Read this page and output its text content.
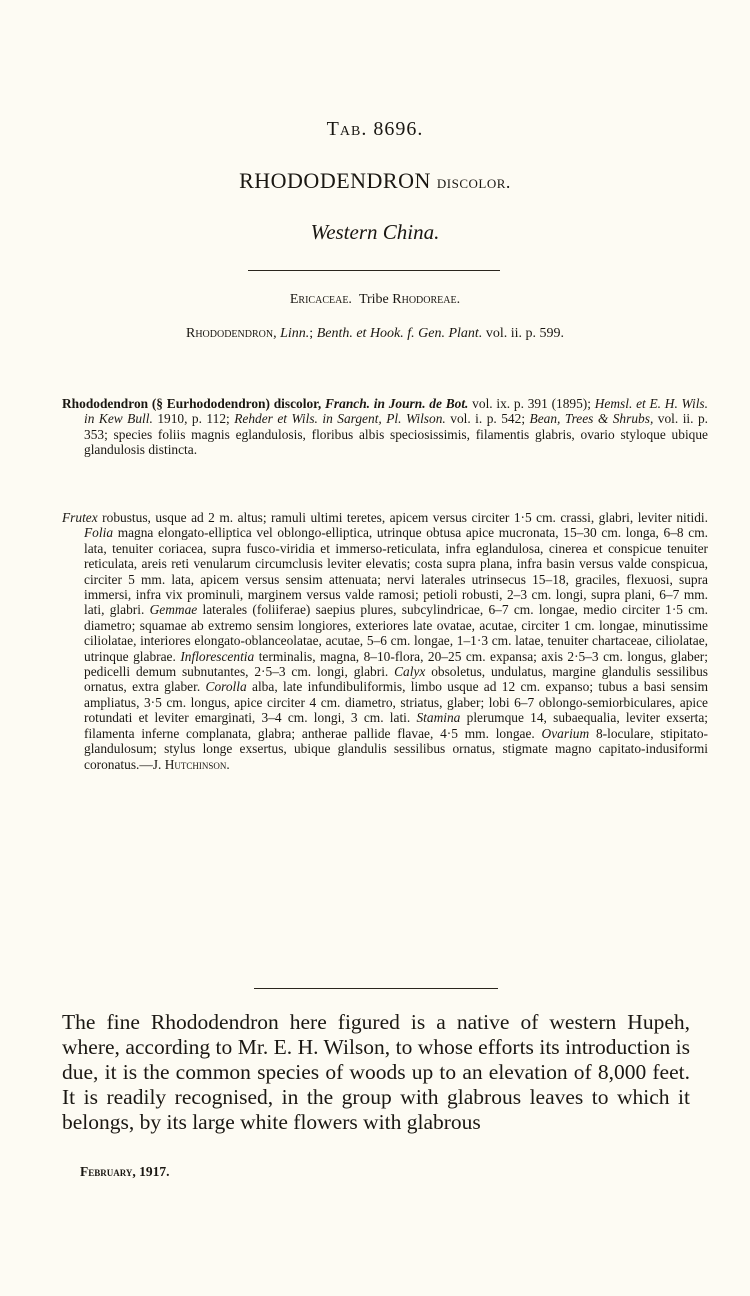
Tab. 8696.
RHODODENDRON discolor.
Western China.
Ericaceae. Tribe Rhodoreae.
Rhododendron, Linn.; Benth. et Hook. f. Gen. Plant. vol. ii. p. 599.
Rhododendron (§ Eurhododendron) discolor, Franch. in Journ. de Bot. vol. ix. p. 391 (1895); Hemsl. et E. H. Wils. in Kew Bull. 1910, p. 112; Rehder et Wils. in Sargent, Pl. Wilson. vol. i. p. 542; Bean, Trees & Shrubs, vol. ii. p. 353; species foliis magnis eglandulosis, floribus albis speciosissimis, filamentis glabris, ovario styloque ubique glandulosis distincta.

Frutex robustus, usque ad 2 m. altus; ramuli ultimi teretes, apicem versus circiter 1·5 cm. crassi, glabri, leviter nitidi. Folia magna elongato-elliptica vel oblongo-elliptica, utrinque obtusa apice mucronata, 15–30 cm. longa, 6–8 cm. lata, tenuiter coriacea, supra fusco-viridia et immerso-reticulata, infra eglandulosa, cinerea et conspicue tenuiter reticulata, areis reti venularum circumclusis leviter elevatis; costa supra plana, infra basin versus valde conspicua, circiter 5 mm. lata, apicem versus sensim attenuata; nervi laterales utrinsecus 15–18, graciles, flexuosi, supra immersi, infra vix prominuli, marginem versus valde ramosi; petioli robusti, 2–3 cm. longi, supra plani, 6–7 mm. lati, glabri. Gemmae laterales (foliiferae) saepius plures, subcylindricae, 6–7 cm. longae, medio circiter 1·5 cm. diametro; squamae ab extremo sensim longiores, exteriores late ovatae, acutae, circiter 1 cm. longae, minutissime ciliolatae, interiores elongato-oblanceolatae, acutae, 5–6 cm. longae, 1–1·3 cm. latae, tenuiter chartaceae, ciliolatae, utrinque glabrae. Inflorescentia terminalis, magna, 8–10-flora, 20–25 cm. expansa; axis 2·5–3 cm. longus, glaber; pedicelli demum subnutantes, 2·5–3 cm. longi, glabri. Calyx obsoletus, undulatus, margine glandulis sessilibus ornatus, extra glaber. Corolla alba, late infundibuliformis, limbo usque ad 12 cm. expanso; tubus a basi sensim ampliatus, 3·5 cm. longus, apice circiter 4 cm. diametro, striatus, glaber; lobi 6–7 oblongo-semiorbiculares, apice rotundati et leviter emarginati, 3–4 cm. longi, 3 cm. lati. Stamina plerumque 14, subaequalia, leviter exserta; filamenta inferne complanata, glabra; antherae pallide flavae, 4·5 mm. longae. Ovarium 8-loculare, stipitato-glandulosum; stylus longe exsertus, ubique glandulis sessilibus ornatus, stigmate magno capitato-indusiformi coronatus.—J. Hutchinson.

The fine Rhododendron here figured is a native of western Hupeh, where, according to Mr. E. H. Wilson, to whose efforts its introduction is due, it is the common species of woods up to an elevation of 8,000 feet. It is readily recognised, in the group with glabrous leaves to which it belongs, by its large white flowers with glabrous
February, 1917.
